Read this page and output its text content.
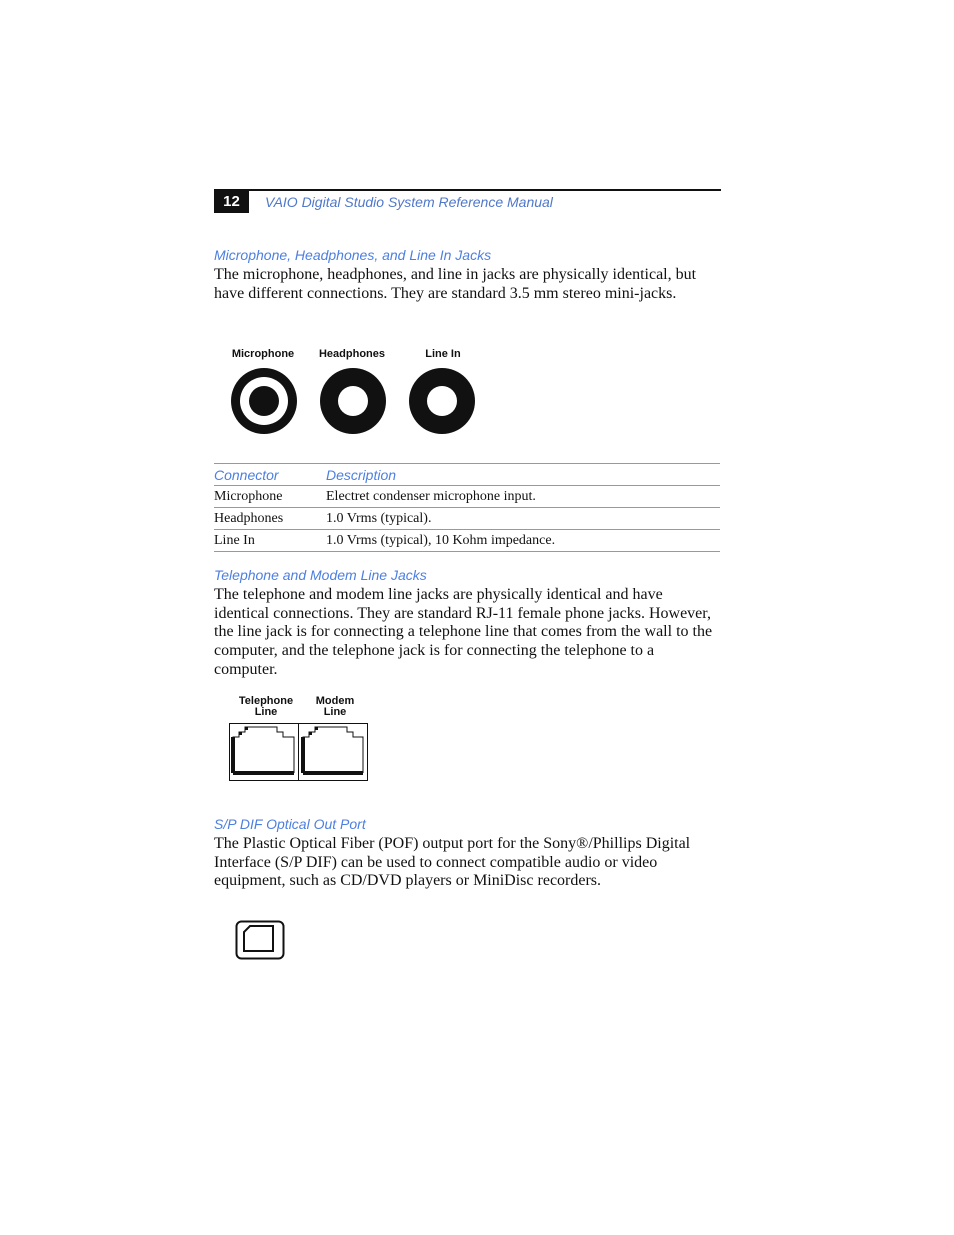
12	VAIO Digital Studio System Reference Manual
Microphone, Headphones, and Line In Jacks

The microphone, headphones, and line in jacks are physically identical, but have different connections. They are standard 3.5 mm stereo mini-jacks.

Microphone	Headphones	Line In
Connector	Description
Microphone	Electret condenser microphone input.
Headphones	1.0 Vrms (typical).
Line In	1.0 Vrms (typical), 10 Kohm impedance.
Telephone and Modem Line Jacks

The telephone and modem line jacks are physically identical and have identical connections. They are standard RJ-11 female phone jacks. However, the line jack is for connecting a telephone line that comes from the wall to the computer, and the telephone jack is for connecting the telephone to a computer.

Telephone
Line
Modem
Line
S/P DIF Optical Out Port

The Plastic Optical Fiber (POF) output port for the Sony®/Phillips Digital Interface (S/P DIF) can be used to connect compatible audio or video equipment, such as CD/DVD players or MiniDisc recorders.
